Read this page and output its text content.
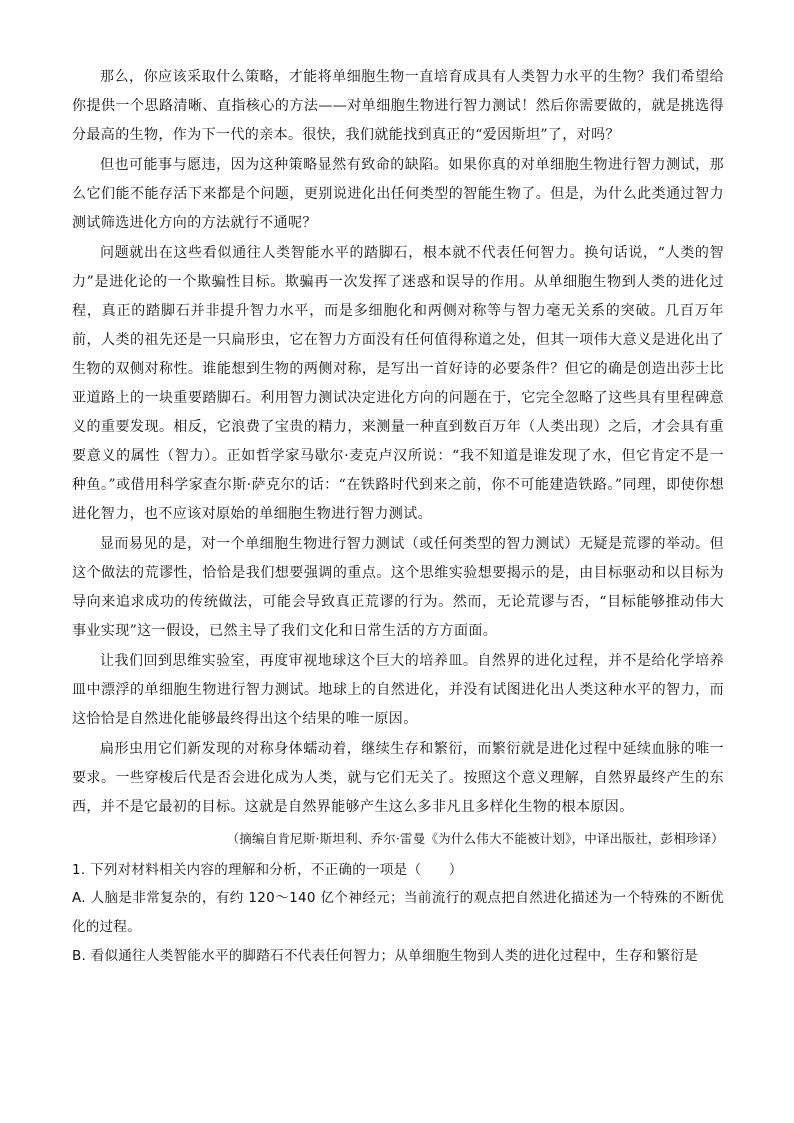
那么，你应该采取什么策略，才能将单细胞生物一直培育成具有人类智力水平的生物？我们希望给你提供一个思路清晰、直指核心的方法——对单细胞生物进行智力测试！然后你需要做的，就是挑选得分最高的生物，作为下一代的亲本。很快，我们就能找到真正的“爱因斯坦”了，对吗？

但也可能事与愿违，因为这种策略显然有致命的缺陷。如果你真的对单细胞生物进行智力测试，那么它们能不能存活下来都是个问题，更别说进化出任何类型的智能生物了。但是，为什么此类通过智力测试筛选进化方向的方法就行不通呢？

问题就出在这些看似通往人类智能水平的踏脚石，根本就不代表任何智力。换句话说，“人类的智力”是进化论的一个欺骗性目标。欺骗再一次发挥了迷惑和误导的作用。从单细胞生物到人类的进化过程，真正的踏脚石并非提升智力水平，而是多细胞化和两侧对称等与智力毫无关系的突破。几百万年前，人类的祖先还是一只扁形虫，它在智力方面没有任何值得称道之处，但其一项伟大意义是进化出了生物的双侧对称性。谁能想到生物的两侧对称，是写出一首好诗的必要条件？但它的确是创造出莎士比亚道路上的一块重要踏脚石。利用智力测试决定进化方向的问题在于，它完全忽略了这些具有里程碑意义的重要发现。相反，它浪费了宝贵的精力，来测量一种直到数百万年（人类出现）之后，才会具有重要意义的属性（智力）。正如哲学家马歇尔·麦克卢汉所说：“我不知道是谁发现了水，但它肯定不是一种鱼。”或借用科学家查尔斯·萨克尔的话：“在铁路时代到来之前，你不可能建造铁路。”同理，即使你想进化智力，也不应该对原始的单细胞生物进行智力测试。

显而易见的是，对一个单细胞生物进行智力测试（或任何类型的智力测试）无疑是荒谬的举动。但这个做法的荒谬性，恰恰是我们想要强调的重点。这个思维实验想要揭示的是，由目标驱动和以目标为导向来追求成功的传统做法，可能会导致真正荒谬的行为。然而，无论荒谬与否，“目标能够推动伟大事业实现”这一假设，已然主导了我们文化和日常生活的方方面面。

让我们回到思维实验室，再度审视地球这个巨大的培养皿。自然界的进化过程，并不是给化学培养皿中漂浮的单细胞生物进行智力测试。地球上的自然进化，并没有试图进化出人类这种水平的智力，而这恰恰是自然进化能够最终得出这个结果的唯一原因。

扁形虫用它们新发现的对称身体蠕动着，继续生存和繁衍，而繁衍就是进化过程中延续血脉的唯一要求。一些穿梭后代是否会进化成为人类，就与它们无关了。按照这个意义理解，自然界最终产生的东西，并不是它最初的目标。这就是自然界能够产生这么多非凡且多样化生物的根本原因。

（摘编自肯尼斯·斯坦利、乔尔·雷曼《为什么伟大不能被计划》，中译出版社，彭相珍译）

1. 下列对材料相关内容的理解和分析，不正确的一项是（　　）

A. 人脑是非常复杂的，有约 120～140 亿个神经元；当前流行的观点把自然进化描述为一个特殊的不断优化的过程。

B. 看似通往人类智能水平的脚踏石不代表任何智力；从单细胞生物到人类的进化过程中，生存和繁衍是
